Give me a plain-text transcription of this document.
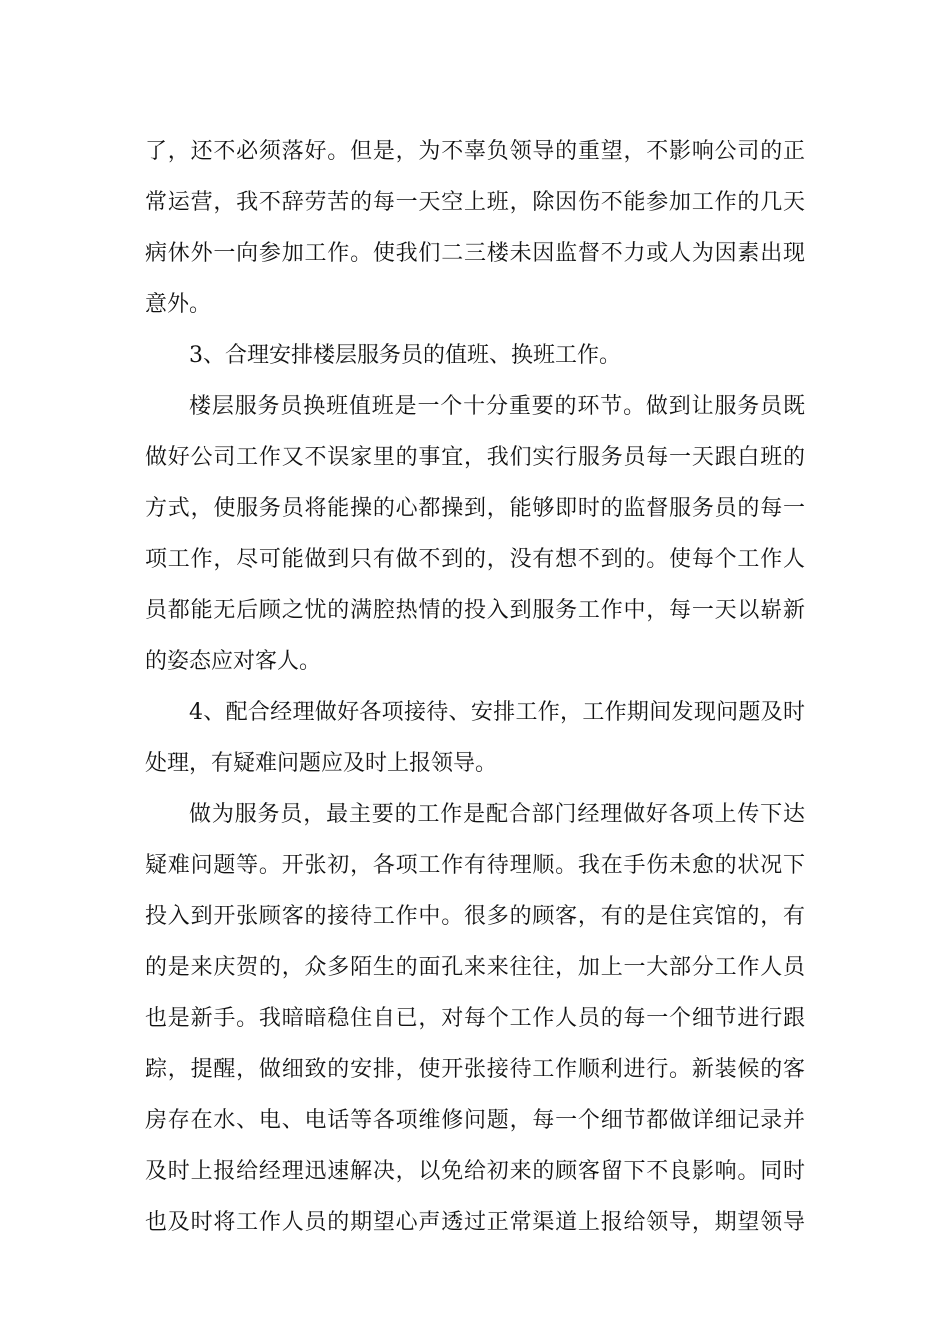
了，还不必须落好。但是，为不辜负领导的重望，不影响公司的正
常运营，我不辞劳苦的每一天空上班，除因伤不能参加工作的几天
病休外一向参加工作。使我们二三楼未因监督不力或人为因素出现
意外。
3、合理安排楼层服务员的值班、换班工作。
楼层服务员换班值班是一个十分重要的环节。做到让服务员既
做好公司工作又不误家里的事宜，我们实行服务员每一天跟白班的
方式，使服务员将能操的心都操到，能够即时的监督服务员的每一
项工作，尽可能做到只有做不到的，没有想不到的。使每个工作人
员都能无后顾之忧的满腔热情的投入到服务工作中，每一天以崭新
的姿态应对客人。
4、配合经理做好各项接待、安排工作，工作期间发现问题及时
处理，有疑难问题应及时上报领导。
做为服务员，最主要的工作是配合部门经理做好各项上传下达
疑难问题等。开张初，各项工作有待理顺。我在手伤未愈的状况下
投入到开张顾客的接待工作中。很多的顾客，有的是住宾馆的，有
的是来庆贺的，众多陌生的面孔来来往往，加上一大部分工作人员
也是新手。我暗暗稳住自已，对每个工作人员的每一个细节进行跟
踪，提醒，做细致的安排，使开张接待工作顺利进行。新装候的客
房存在水、电、电话等各项维修问题，每一个细节都做详细记录并
及时上报给经理迅速解决，以免给初来的顾客留下不良影响。同时
也及时将工作人员的期望心声透过正常渠道上报给领导，期望领导
